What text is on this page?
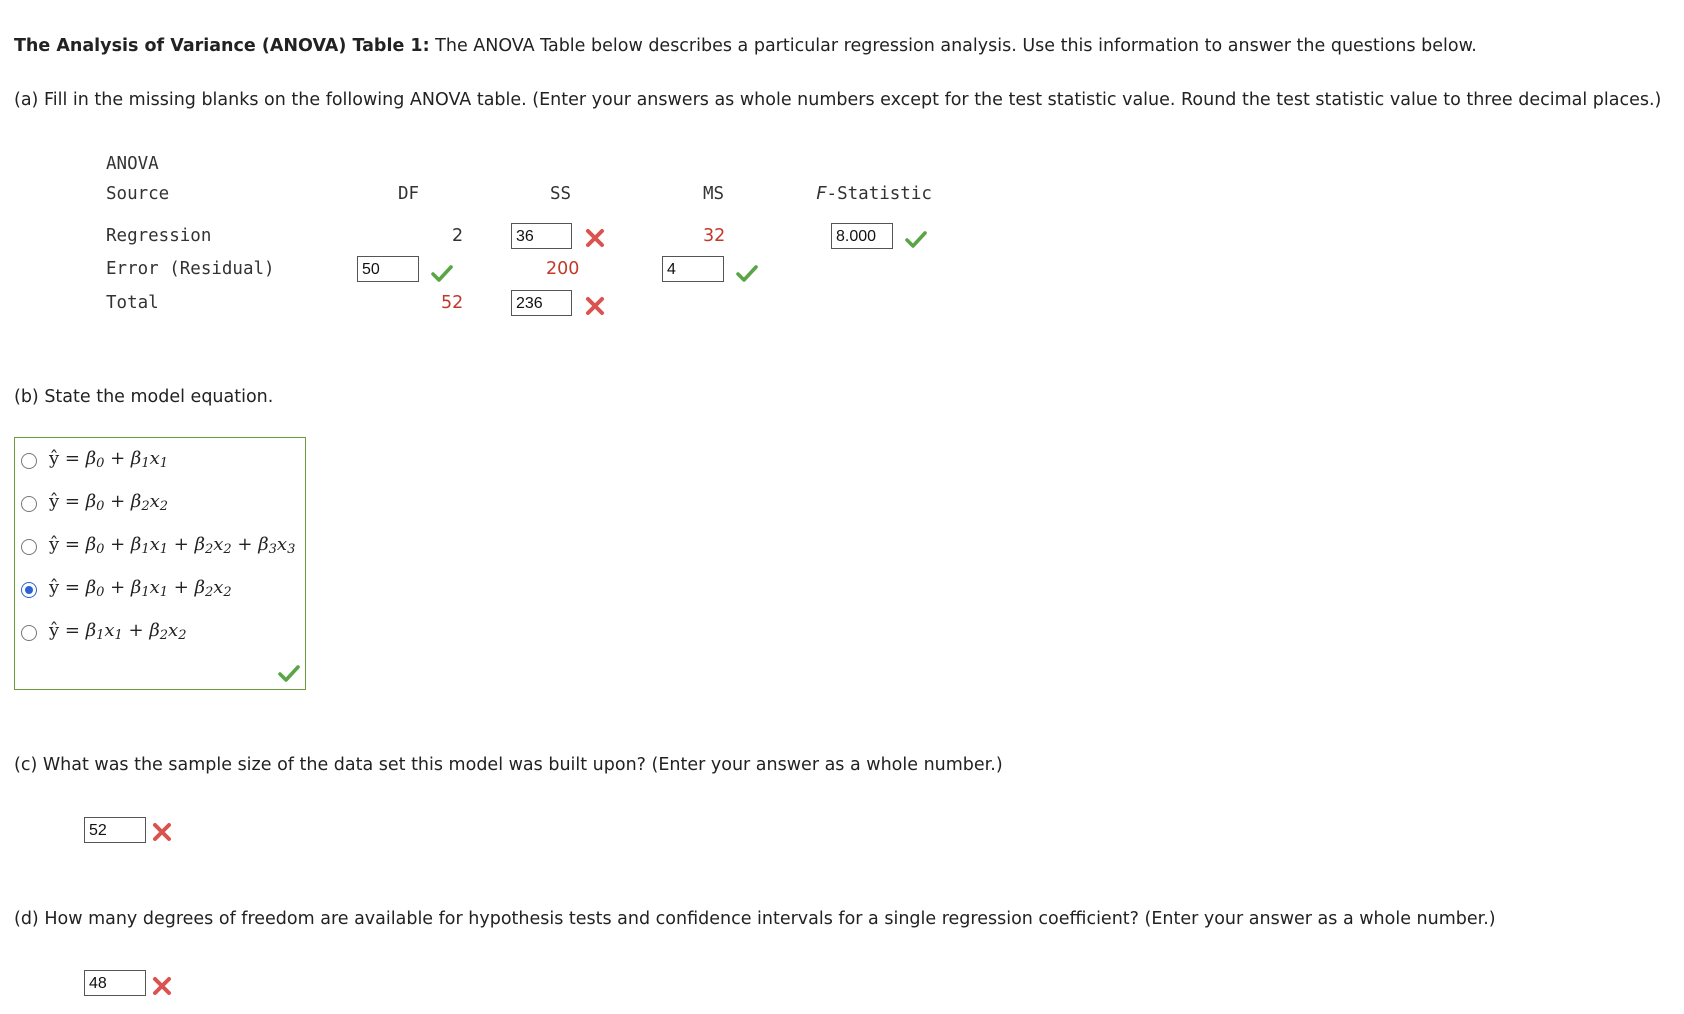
The Analysis of Variance (ANOVA) Table 1: The ANOVA Table below describes a particular regression analysis. Use this information to answer the questions below.
(a) Fill in the missing blanks on the following ANOVA table. (Enter your answers as whole numbers except for the test statistic value. Round the test statistic value to three decimal places.)
ANOVA
Source	DF	SS	MS	F-Statistic
Regression	2	36	32	8.000
Error (Residual)	50	200	4
Total	52	236
(b) State the model equation.
ŷ = $\beta_0 + \beta_1x_1$
ŷ = $\beta_0 + \beta_2x_2$
ŷ = $\beta_0 + \beta_1x_1 + \beta_2x_2 + \beta_3x_3$
ŷ = $\beta_0 + \beta_1x_1 + \beta_2x_2$
ŷ = $\beta_1x_1 + \beta_2x_2$
(c) What was the sample size of the data set this model was built upon? (Enter your answer as a whole number.)
52
(d) How many degrees of freedom are available for hypothesis tests and confidence intervals for a single regression coefficient? (Enter your answer as a whole number.)
48
